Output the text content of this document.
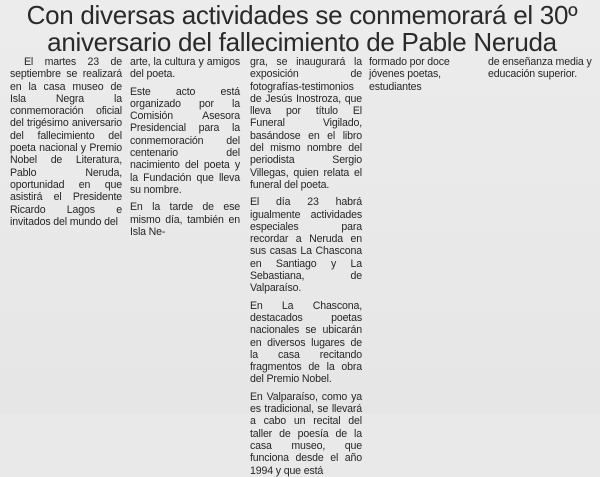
Con diversas actividades se conmemorará el 30º
aniversario del fallecimiento de Pable Neruda

El martes 23 de septiembre se realizará en la casa museo de Isla Negra la conmemoración oficial del trigésimo aniversario del fallecimiento del poeta nacional y Premio Nobel de Literatura, Pablo Neruda, oportunidad en que asistirá el Presidente Ricardo Lagos e invitados del mundo del

arte, la cultura y amigos del poeta.

Este acto está organizado por la Comisión Asesora Presidencial para la conmemoración del centenario del nacimiento del poeta y la Fundación que lleva su nombre.

En la tarde de ese mismo día, también en Isla Ne-

gra, se inaugurará la exposición de fotografías-testimonios de Jesús Inostroza, que lleva por título El Funeral Vigilado, basándose en el libro del mismo nombre del periodista Sergio Villegas, quien relata el funeral del poeta.

El día 23 habrá igualmente actividades especiales para recordar a Neruda en sus casas La Chascona en Santiago y La Sebastiana, de Valparaíso.

En La Chascona, destacados poetas nacionales se ubicarán en diversos lugares de la casa recitando fragmentos de la obra del Premio Nobel.

En Valparaíso, como ya es tradicional, se llevará a cabo un recital del taller de poesía de la casa museo, que funciona desde el año 1994 y que está

formado por doce jóvenes poetas, estudiantes

de enseñanza media y educación superior.
